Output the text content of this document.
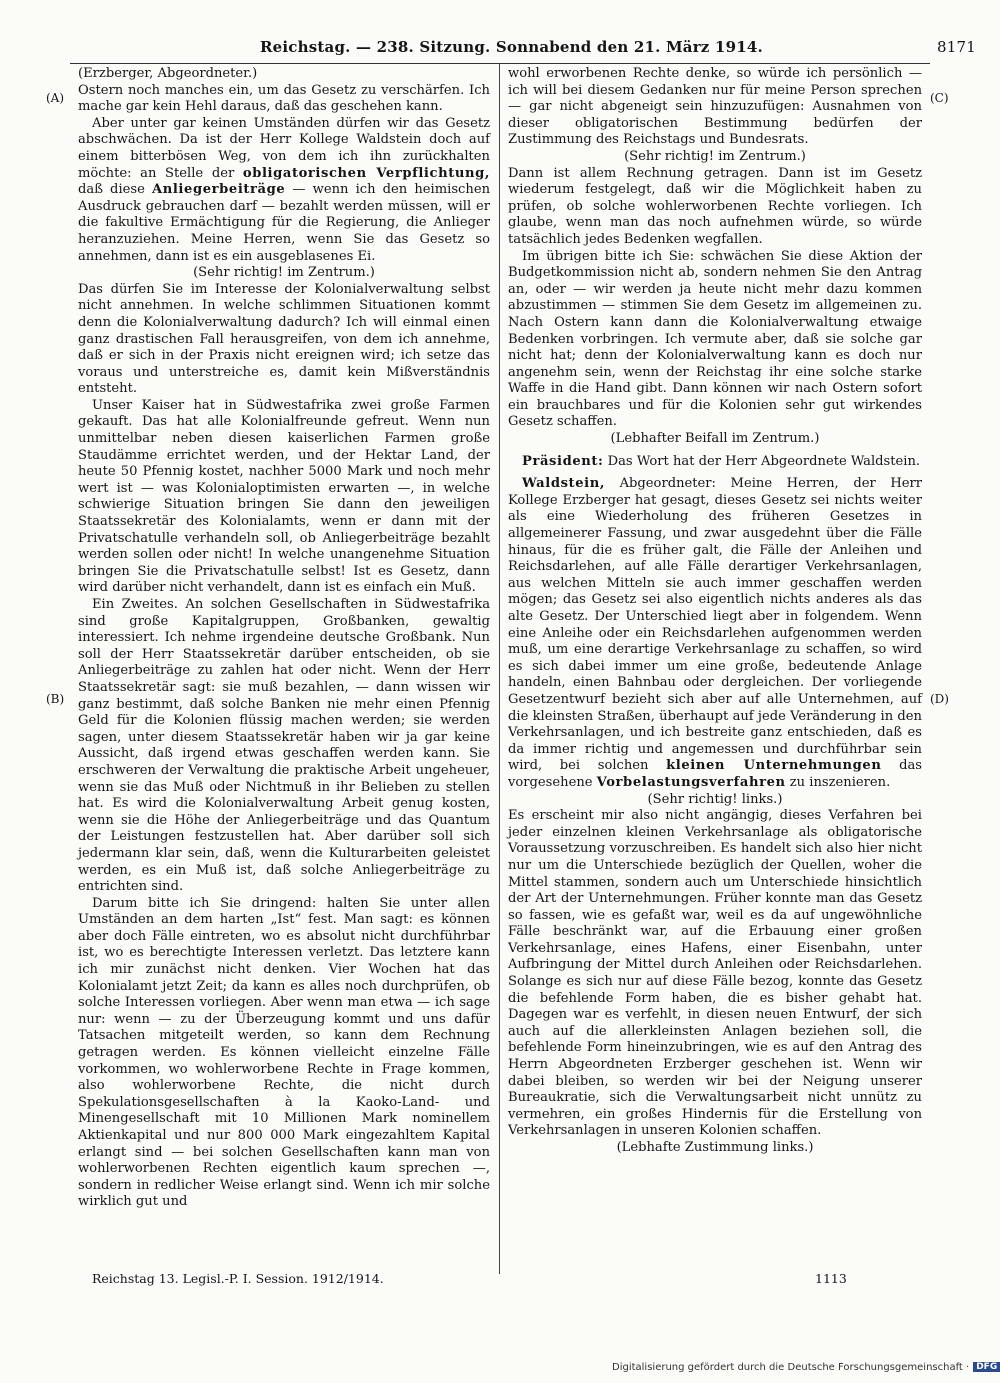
Reichstag. — 238. Sitzung. Sonnabend den 21. März 1914.	8171
(A)
(B)
(C)
(D)

(Erzberger, Abgeordneter.)

Ostern noch manches ein, um das Gesetz zu verschärfen. Ich mache gar kein Hehl daraus, daß das geschehen kann.

Aber unter gar keinen Umständen dürfen wir das Gesetz abschwächen. Da ist der Herr Kollege Waldstein doch auf einem bitterbösen Weg, von dem ich ihn zurückhalten möchte: an Stelle der obligatorischen Verpflichtung, daß diese Anliegerbeiträge — wenn ich den heimischen Ausdruck gebrauchen darf — bezahlt werden müssen, will er die fakultive Ermächtigung für die Regierung, die Anlieger heranzuziehen. Meine Herren, wenn Sie das Gesetz so annehmen, dann ist es ein ausgeblasenes Ei.

(Sehr richtig! im Zentrum.)

Das dürfen Sie im Interesse der Kolonialverwaltung selbst nicht annehmen. In welche schlimmen Situationen kommt denn die Kolonialverwaltung dadurch? Ich will einmal einen ganz drastischen Fall herausgreifen, von dem ich annehme, daß er sich in der Praxis nicht ereignen wird; ich setze das voraus und unterstreiche es, damit kein Mißverständnis entsteht.

Unser Kaiser hat in Südwestafrika zwei große Farmen gekauft. Das hat alle Kolonialfreunde gefreut. Wenn nun unmittelbar neben diesen kaiserlichen Farmen große Staudämme errichtet werden, und der Hektar Land, der heute 50 Pfennig kostet, nachher 5000 Mark und noch mehr wert ist — was Kolonialoptimisten erwarten —, in welche schwierige Situation bringen Sie dann den jeweiligen Staatssekretär des Kolonialamts, wenn er dann mit der Privatschatulle verhandeln soll, ob Anliegerbeiträge bezahlt werden sollen oder nicht! In welche unangenehme Situation bringen Sie die Privatschatulle selbst! Ist es Gesetz, dann wird darüber nicht verhandelt, dann ist es einfach ein Muß.

Ein Zweites. An solchen Gesellschaften in Südwestafrika sind große Kapitalgruppen, Großbanken, gewaltig interessiert. Ich nehme irgendeine deutsche Großbank. Nun soll der Herr Staatssekretär darüber entscheiden, ob sie Anliegerbeiträge zu zahlen hat oder nicht. Wenn der Herr Staatssekretär sagt: sie muß bezahlen, — dann wissen wir ganz bestimmt, daß solche Banken nie mehr einen Pfennig Geld für die Kolonien flüssig machen werden; sie werden sagen, unter diesem Staatssekretär haben wir ja gar keine Aussicht, daß irgend etwas geschaffen werden kann. Sie erschweren der Verwaltung die praktische Arbeit ungeheuer, wenn sie das Muß oder Nichtmuß in ihr Belieben zu stellen hat. Es wird die Kolonialverwaltung Arbeit genug kosten, wenn sie die Höhe der Anliegerbeiträge und das Quantum der Leistungen festzustellen hat. Aber darüber soll sich jedermann klar sein, daß, wenn die Kulturarbeiten geleistet werden, es ein Muß ist, daß solche Anliegerbeiträge zu entrichten sind.

Darum bitte ich Sie dringend: halten Sie unter allen Umständen an dem harten „Ist“ fest. Man sagt: es können aber doch Fälle eintreten, wo es absolut nicht durchführbar ist, wo es berechtigte Interessen verletzt. Das letztere kann ich mir zunächst nicht denken. Vier Wochen hat das Kolonialamt jetzt Zeit; da kann es alles noch durchprüfen, ob solche Interessen vorliegen. Aber wenn man etwa — ich sage nur: wenn — zu der Überzeugung kommt und uns dafür Tatsachen mitgeteilt werden, so kann dem Rechnung getragen werden. Es können vielleicht einzelne Fälle vorkommen, wo wohlerworbene Rechte in Frage kommen, also wohlerworbene Rechte, die nicht durch Spekulationsgesellschaften à la Kaoko-Land- und Minengesellschaft mit 10 Millionen Mark nominellem Aktienkapital und nur 800 000 Mark eingezahltem Kapital erlangt sind — bei solchen Gesellschaften kann man von wohlerworbenen Rechten eigentlich kaum sprechen —, sondern in redlicher Weise erlangt sind. Wenn ich mir solche wirklich gut und

wohl erworbenen Rechte denke, so würde ich persönlich — ich will bei diesem Gedanken nur für meine Person sprechen — gar nicht abgeneigt sein hinzuzufügen: Ausnahmen von dieser obligatorischen Bestimmung bedürfen der Zustimmung des Reichstags und Bundesrats.

(Sehr richtig! im Zentrum.)

Dann ist allem Rechnung getragen. Dann ist im Gesetz wiederum festgelegt, daß wir die Möglichkeit haben zu prüfen, ob solche wohlerworbenen Rechte vorliegen. Ich glaube, wenn man das noch aufnehmen würde, so würde tatsächlich jedes Bedenken wegfallen.

Im übrigen bitte ich Sie: schwächen Sie diese Aktion der Budgetkommission nicht ab, sondern nehmen Sie den Antrag an, oder — wir werden ja heute nicht mehr dazu kommen abzustimmen — stimmen Sie dem Gesetz im allgemeinen zu. Nach Ostern kann dann die Kolonialverwaltung etwaige Bedenken vorbringen. Ich vermute aber, daß sie solche gar nicht hat; denn der Kolonialverwaltung kann es doch nur angenehm sein, wenn der Reichstag ihr eine solche starke Waffe in die Hand gibt. Dann können wir nach Ostern sofort ein brauchbares und für die Kolonien sehr gut wirkendes Gesetz schaffen.

(Lebhafter Beifall im Zentrum.)

Präsident: Das Wort hat der Herr Abgeordnete Waldstein.

Waldstein, Abgeordneter: Meine Herren, der Herr Kollege Erzberger hat gesagt, dieses Gesetz sei nichts weiter als eine Wiederholung des früheren Gesetzes in allgemeinerer Fassung, und zwar ausgedehnt über die Fälle hinaus, für die es früher galt, die Fälle der Anleihen und Reichsdarlehen, auf alle Fälle derartiger Verkehrsanlagen, aus welchen Mitteln sie auch immer geschaffen werden mögen; das Gesetz sei also eigentlich nichts anderes als das alte Gesetz. Der Unterschied liegt aber in folgendem. Wenn eine Anleihe oder ein Reichsdarlehen aufgenommen werden muß, um eine derartige Verkehrsanlage zu schaffen, so wird es sich dabei immer um eine große, bedeutende Anlage handeln, einen Bahnbau oder dergleichen. Der vorliegende Gesetzentwurf bezieht sich aber auf alle Unternehmen, auf die kleinsten Straßen, überhaupt auf jede Veränderung in den Verkehrsanlagen, und ich bestreite ganz entschieden, daß es da immer richtig und angemessen und durchführbar sein wird, bei solchen kleinen Unternehmungen das vorgesehene Vorbelastungsverfahren zu inszenieren.

(Sehr richtig! links.)

Es erscheint mir also nicht angängig, dieses Verfahren bei jeder einzelnen kleinen Verkehrsanlage als obligatorische Voraussetzung vorzuschreiben. Es handelt sich also hier nicht nur um die Unterschiede bezüglich der Quellen, woher die Mittel stammen, sondern auch um Unterschiede hinsichtlich der Art der Unternehmungen. Früher konnte man das Gesetz so fassen, wie es gefaßt war, weil es da auf ungewöhnliche Fälle beschränkt war, auf die Erbauung einer großen Verkehrsanlage, eines Hafens, einer Eisenbahn, unter Aufbringung der Mittel durch Anleihen oder Reichsdarlehen. Solange es sich nur auf diese Fälle bezog, konnte das Gesetz die befehlende Form haben, die es bisher gehabt hat. Dagegen war es verfehlt, in diesen neuen Entwurf, der sich auch auf die allerkleinsten Anlagen beziehen soll, die befehlende Form hineinzubringen, wie es auf den Antrag des Herrn Abgeordneten Erzberger geschehen ist. Wenn wir dabei bleiben, so werden wir bei der Neigung unserer Bureaukratie, sich die Verwaltungsarbeit nicht unnütz zu vermehren, ein großes Hindernis für die Erstellung von Verkehrsanlagen in unseren Kolonien schaffen.

(Lebhafte Zustimmung links.)

Reichstag 13. Legisl.-P. I. Session. 1912/1914.	1113
Digitalisierung gefördert durch die Deutsche Forschungsgemeinschaft · DFG
